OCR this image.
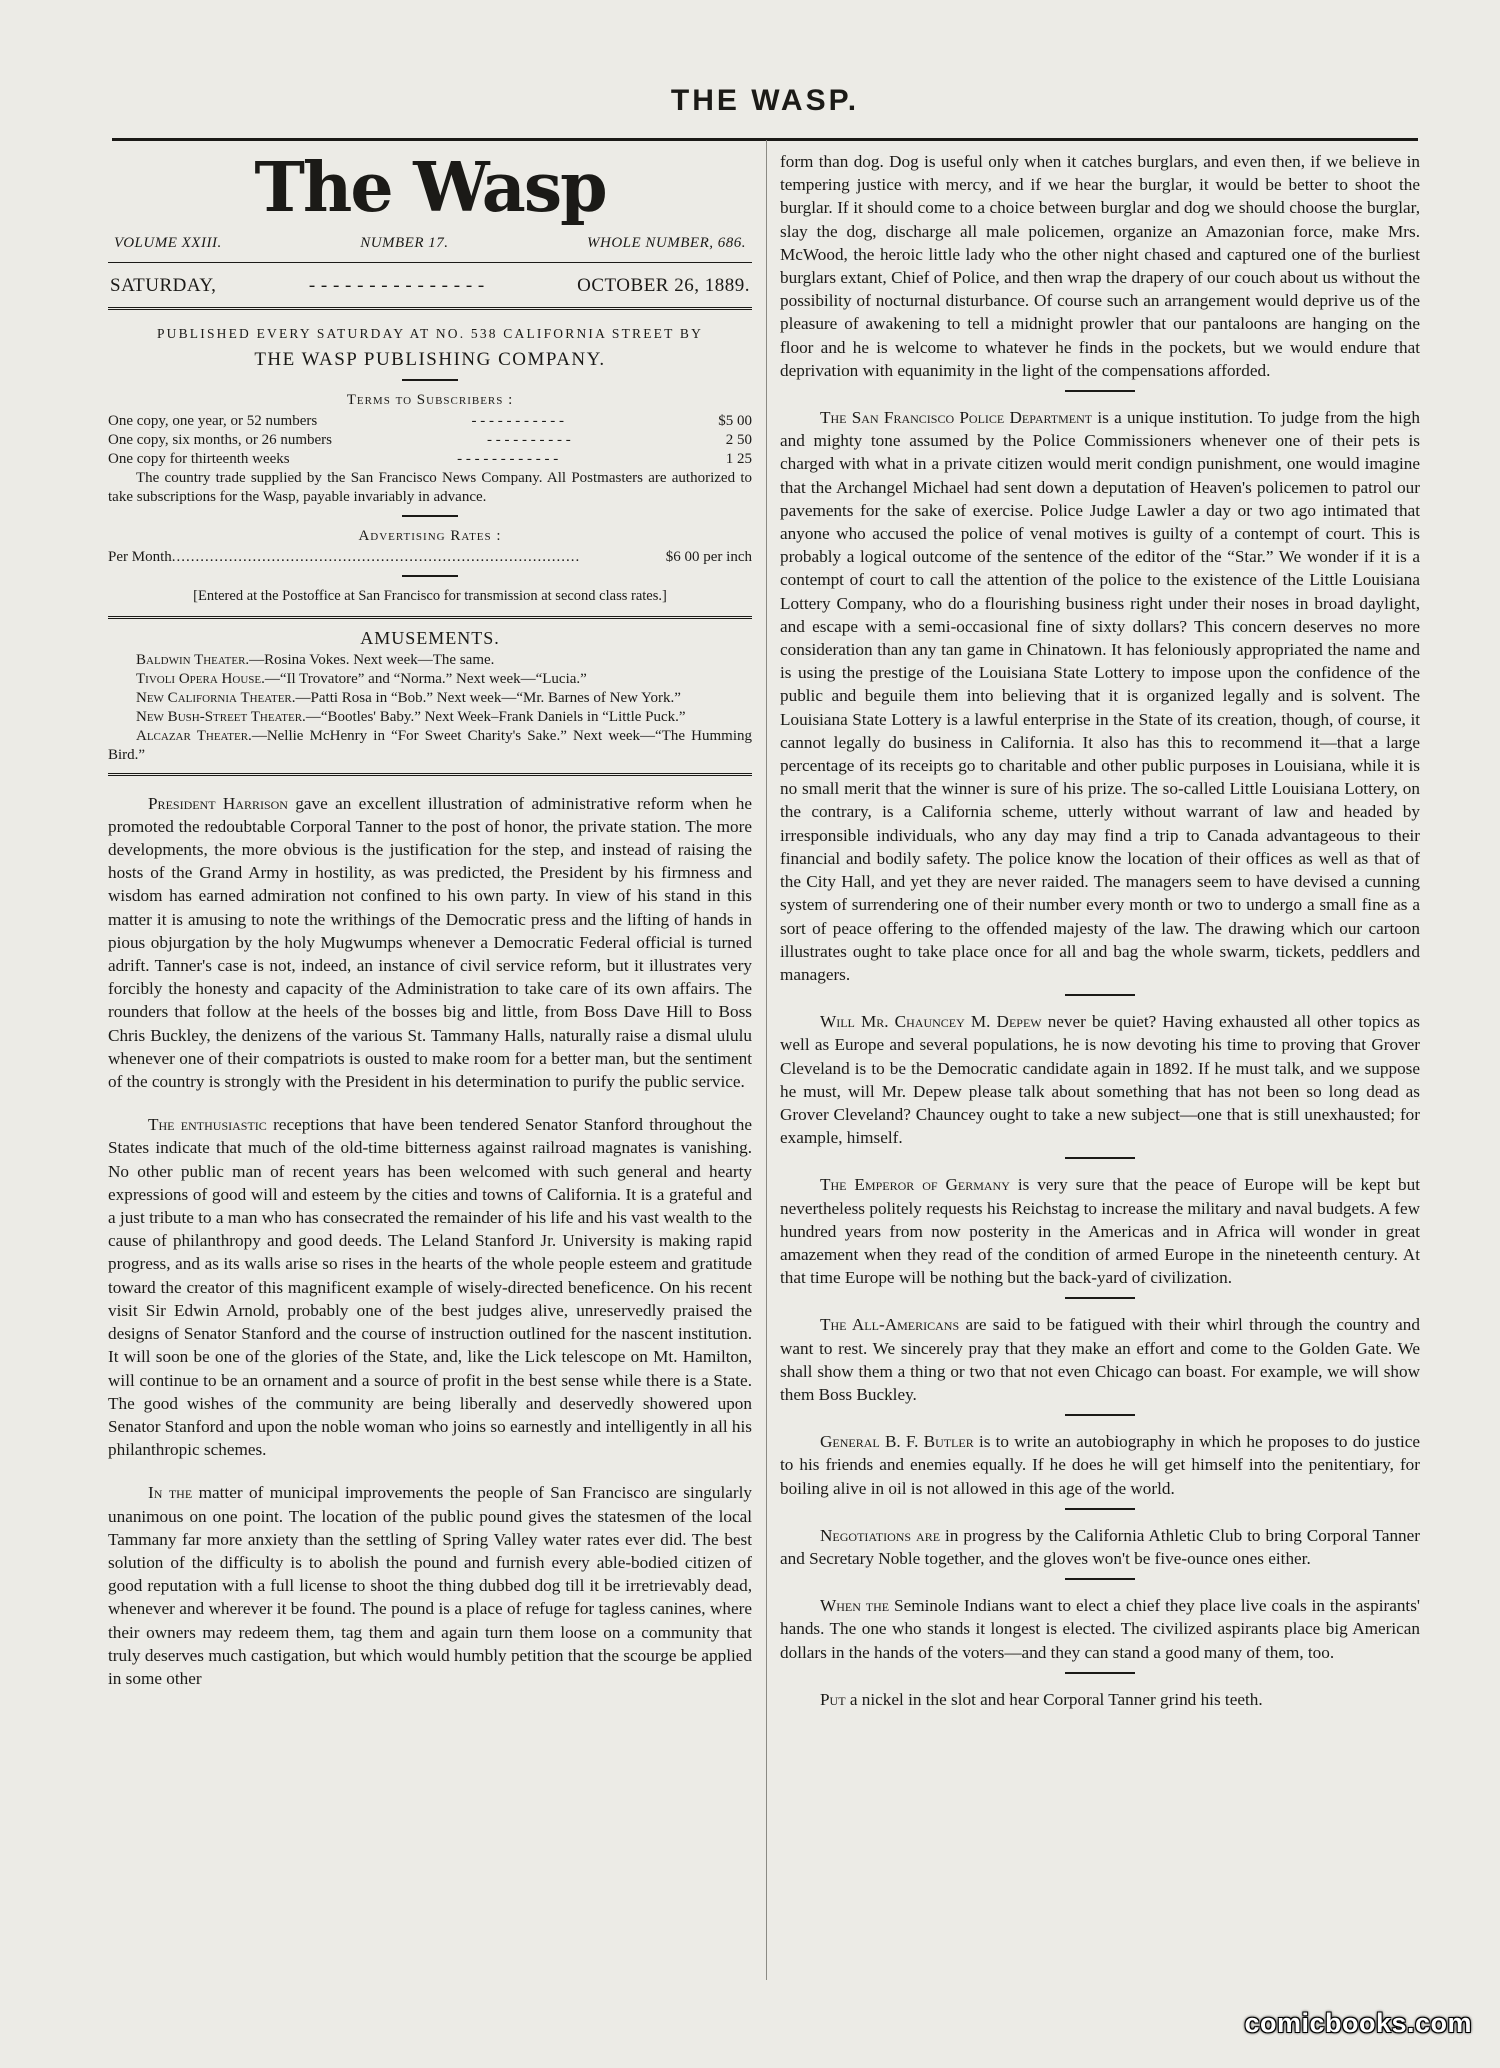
THE WASP.
The Wasp
VOLUME XXIII.	NUMBER 17.	WHOLE NUMBER, 686.
SATURDAY,	- - - - - - - - - - - - - - -	OCTOBER 26, 1889.
PUBLISHED EVERY SATURDAY AT NO. 538 CALIFORNIA STREET BY
THE WASP PUBLISHING COMPANY.
Terms to Subscribers :
One copy, one year, or 52 numbers	- - - - - - - - - - -	$5 00
One copy, six months, or 26 numbers	- - - - - - - - - -	2 50
One copy for thirteenth weeks	- - - - - - - - - - - -	1 25

The country trade supplied by the San Francisco News Company. All Postmasters are authorized to take subscriptions for the Wasp, payable invariably in advance.

Advertising Rates :
Per Month ......................................................................................	$6 00 per inch
[Entered at the Postoffice at San Francisco for transmission at second class rates.]
AMUSEMENTS.

Baldwin Theater.—Rosina Vokes. Next week—The same.

Tivoli Opera House.—“Il Trovatore” and “Norma.” Next week—“Lucia.”

New California Theater.—Patti Rosa in “Bob.” Next week—“Mr. Barnes of New York.”

New Bush-Street Theater.—“Bootles' Baby.” Next Week–Frank Daniels in “Little Puck.”

Alcazar Theater.—Nellie McHenry in “For Sweet Charity's Sake.” Next week—“The Humming Bird.”

President Harrison gave an excellent illustration of administrative reform when he promoted the redoubtable Corporal Tanner to the post of honor, the private station. The more developments, the more obvious is the justification for the step, and instead of raising the hosts of the Grand Army in hostility, as was predicted, the President by his firmness and wisdom has earned admiration not confined to his own party. In view of his stand in this matter it is amusing to note the writhings of the Democratic press and the lifting of hands in pious objurgation by the holy Mugwumps whenever a Democratic Federal official is turned adrift. Tanner's case is not, indeed, an instance of civil service reform, but it illustrates very forcibly the honesty and capacity of the Administration to take care of its own affairs. The rounders that follow at the heels of the bosses big and little, from Boss Dave Hill to Boss Chris Buckley, the denizens of the various St. Tammany Halls, naturally raise a dismal ululu whenever one of their compatriots is ousted to make room for a better man, but the sentiment of the country is strongly with the President in his determination to purify the public service.

The enthusiastic receptions that have been tendered Senator Stanford throughout the States indicate that much of the old-time bitterness against railroad magnates is vanishing. No other public man of recent years has been welcomed with such general and hearty expressions of good will and esteem by the cities and towns of California. It is a grateful and a just tribute to a man who has consecrated the remainder of his life and his vast wealth to the cause of philanthropy and good deeds. The Leland Stanford Jr. University is making rapid progress, and as its walls arise so rises in the hearts of the whole people esteem and gratitude toward the creator of this magnificent example of wisely-directed beneficence. On his recent visit Sir Edwin Arnold, probably one of the best judges alive, unreservedly praised the designs of Senator Stanford and the course of instruction outlined for the nascent institution. It will soon be one of the glories of the State, and, like the Lick telescope on Mt. Hamilton, will continue to be an ornament and a source of profit in the best sense while there is a State. The good wishes of the community are being liberally and deservedly showered upon Senator Stanford and upon the noble woman who joins so earnestly and intelligently in all his philanthropic schemes.

In the matter of municipal improvements the people of San Francisco are singularly unanimous on one point. The location of the public pound gives the statesmen of the local Tammany far more anxiety than the settling of Spring Valley water rates ever did. The best solution of the difficulty is to abolish the pound and furnish every able-bodied citizen of good reputation with a full license to shoot the thing dubbed dog till it be irretrievably dead, whenever and wherever it be found. The pound is a place of refuge for tagless canines, where their owners may redeem them, tag them and again turn them loose on a community that truly deserves much castigation, but which would humbly petition that the scourge be applied in some other

form than dog. Dog is useful only when it catches burglars, and even then, if we believe in tempering justice with mercy, and if we hear the burglar, it would be better to shoot the burglar. If it should come to a choice between burglar and dog we should choose the burglar, slay the dog, discharge all male policemen, organize an Amazonian force, make Mrs. McWood, the heroic little lady who the other night chased and captured one of the burliest burglars extant, Chief of Police, and then wrap the drapery of our couch about us without the possibility of nocturnal disturbance. Of course such an arrangement would deprive us of the pleasure of awakening to tell a midnight prowler that our pantaloons are hanging on the floor and he is welcome to whatever he finds in the pockets, but we would endure that deprivation with equanimity in the light of the compensations afforded.

The San Francisco Police Department is a unique institution. To judge from the high and mighty tone assumed by the Police Commissioners whenever one of their pets is charged with what in a private citizen would merit condign punishment, one would imagine that the Archangel Michael had sent down a deputation of Heaven's policemen to patrol our pavements for the sake of exercise. Police Judge Lawler a day or two ago intimated that anyone who accused the police of venal motives is guilty of a contempt of court. This is probably a logical outcome of the sentence of the editor of the “Star.” We wonder if it is a contempt of court to call the attention of the police to the existence of the Little Louisiana Lottery Company, who do a flourishing business right under their noses in broad daylight, and escape with a semi-occasional fine of sixty dollars? This concern deserves no more consideration than any tan game in Chinatown. It has feloniously appropriated the name and is using the prestige of the Louisiana State Lottery to impose upon the confidence of the public and beguile them into believing that it is organized legally and is solvent. The Louisiana State Lottery is a lawful enterprise in the State of its creation, though, of course, it cannot legally do business in California. It also has this to recommend it—that a large percentage of its receipts go to charitable and other public purposes in Louisiana, while it is no small merit that the winner is sure of his prize. The so-called Little Louisiana Lottery, on the contrary, is a California scheme, utterly without warrant of law and headed by irresponsible individuals, who any day may find a trip to Canada advantageous to their financial and bodily safety. The police know the location of their offices as well as that of the City Hall, and yet they are never raided. The managers seem to have devised a cunning system of surrendering one of their number every month or two to undergo a small fine as a sort of peace offering to the offended majesty of the law. The drawing which our cartoon illustrates ought to take place once for all and bag the whole swarm, tickets, peddlers and managers.

Will Mr. Chauncey M. Depew never be quiet? Having exhausted all other topics as well as Europe and several populations, he is now devoting his time to proving that Grover Cleveland is to be the Democratic candidate again in 1892. If he must talk, and we suppose he must, will Mr. Depew please talk about something that has not been so long dead as Grover Cleveland? Chauncey ought to take a new subject—one that is still unexhausted; for example, himself.

The Emperor of Germany is very sure that the peace of Europe will be kept but nevertheless politely requests his Reichstag to increase the military and naval budgets. A few hundred years from now posterity in the Americas and in Africa will wonder in great amazement when they read of the condition of armed Europe in the nineteenth century. At that time Europe will be nothing but the back-yard of civilization.

The All-Americans are said to be fatigued with their whirl through the country and want to rest. We sincerely pray that they make an effort and come to the Golden Gate. We shall show them a thing or two that not even Chicago can boast. For example, we will show them Boss Buckley.

General B. F. Butler is to write an autobiography in which he proposes to do justice to his friends and enemies equally. If he does he will get himself into the penitentiary, for boiling alive in oil is not allowed in this age of the world.

Negotiations are in progress by the California Athletic Club to bring Corporal Tanner and Secretary Noble together, and the gloves won't be five-ounce ones either.

When the Seminole Indians want to elect a chief they place live coals in the aspirants' hands. The one who stands it longest is elected. The civilized aspirants place big American dollars in the hands of the voters—and they can stand a good many of them, too.

Put a nickel in the slot and hear Corporal Tanner grind his teeth.

comicbooks.com
